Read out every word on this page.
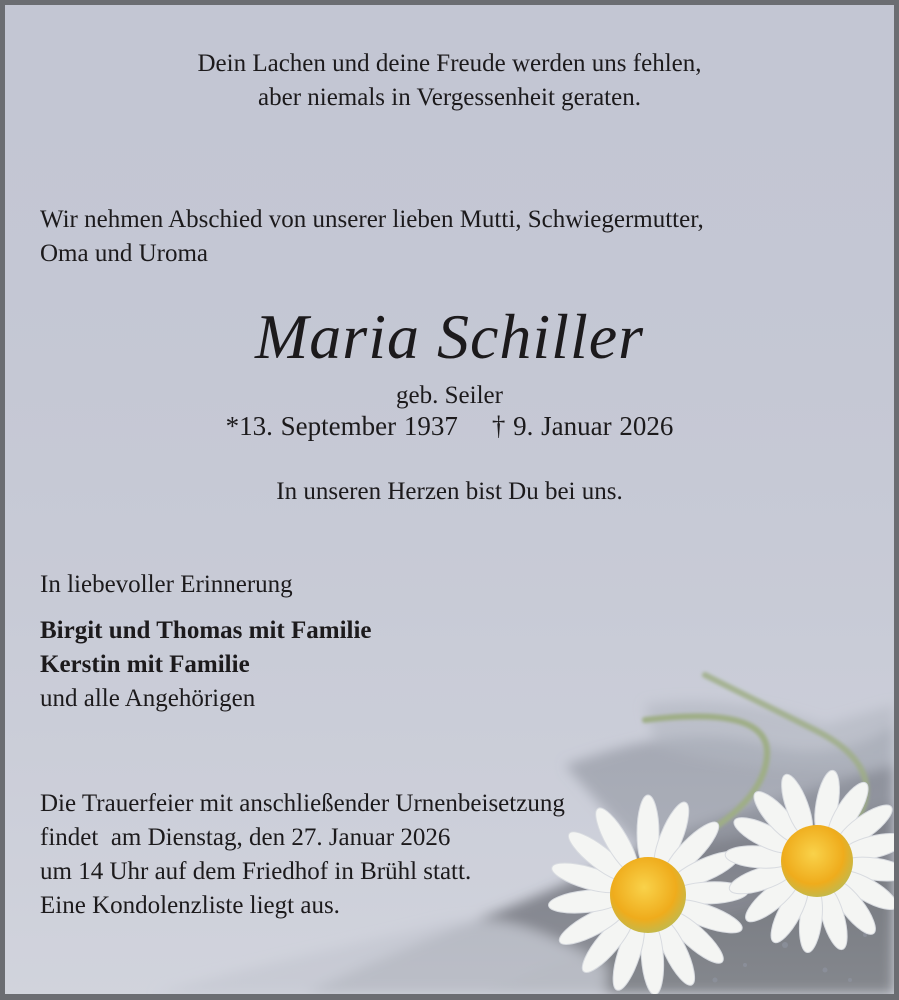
Dein Lachen und deine Freude werden uns fehlen,
aber niemals in Vergessenheit geraten.
Wir nehmen Abschied von unserer lieben Mutti, Schwiegermutter,
Oma und Uroma
Maria Schiller
geb. Seiler
*13. September 1937 † 9. Januar 2026
In unseren Herzen bist Du bei uns.
In liebevoller Erinnerung
Birgit und Thomas mit Familie
Kerstin mit Familie
und alle Angehörigen
Die Trauerfeier mit anschließender Urnenbeisetzung
findet  am Dienstag, den 27. Januar 2026
um 14 Uhr auf dem Friedhof in Brühl statt.
Eine Kondolenzliste liegt aus.
